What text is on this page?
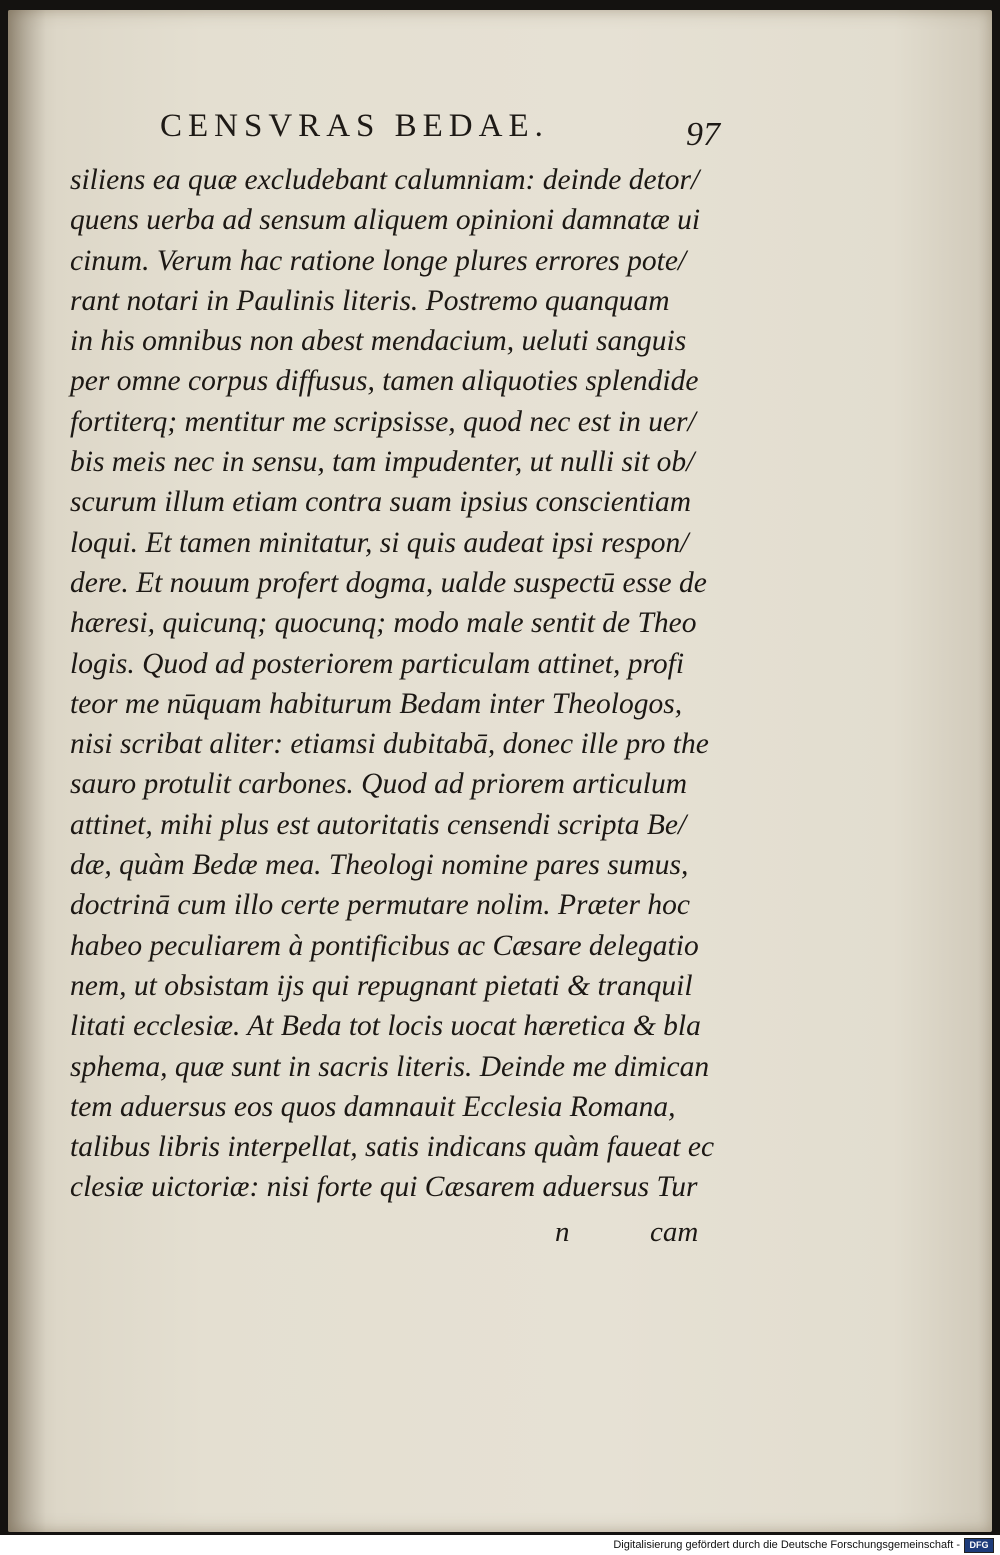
CENSVRAS BEDAE.	97
siliens ea quæ excludebant calumniam: deinde detor/
quens uerba ad sensum aliquem opinioni damnatæ ui
cinum. Verum hac ratione longe plures errores pote/
rant notari in Paulinis literis. Postremo quanquam
in his omnibus non abest mendacium, ueluti sanguis
per omne corpus diffusus, tamen aliquoties splendide
fortiterq; mentitur me scripsisse, quod nec est in uer/
bis meis nec in sensu, tam impudenter, ut nulli sit ob/
scurum illum etiam contra suam ipsius conscientiam
loqui. Et tamen minitatur, si quis audeat ipsi respon/
dere. Et nouum profert dogma, ualde suspectū esse de
hæresi, quicunq; quocunq; modo male sentit de Theo
logis. Quod ad posteriorem particulam attinet, profi
teor me nūquam habiturum Bedam inter Theologos,
nisi scribat aliter: etiamsi dubitabā, donec ille pro the
sauro protulit carbones. Quod ad priorem articulum
attinet, mihi plus est autoritatis censendi scripta Be/
dæ, quàm Bedæ mea. Theologi nomine pares sumus,
doctrinā cum illo certe permutare nolim. Præter hoc
habeo peculiarem à pontificibus ac Cæsare delegatio
nem, ut obsistam ijs qui repugnant pietati & tranquil
litati ecclesiæ. At Beda tot locis uocat hæretica & bla
sphema, quæ sunt in sacris literis. Deinde me dimican
tem aduersus eos quos damnauit Ecclesia Romana,
talibus libris interpellat, satis indicans quàm faueat ec
clesiæ uictoriæ: nisi forte qui Cæsarem aduersus Tur
n	cam
Digitalisierung gefördert durch die Deutsche Forschungsgemeinschaft -	DFG
